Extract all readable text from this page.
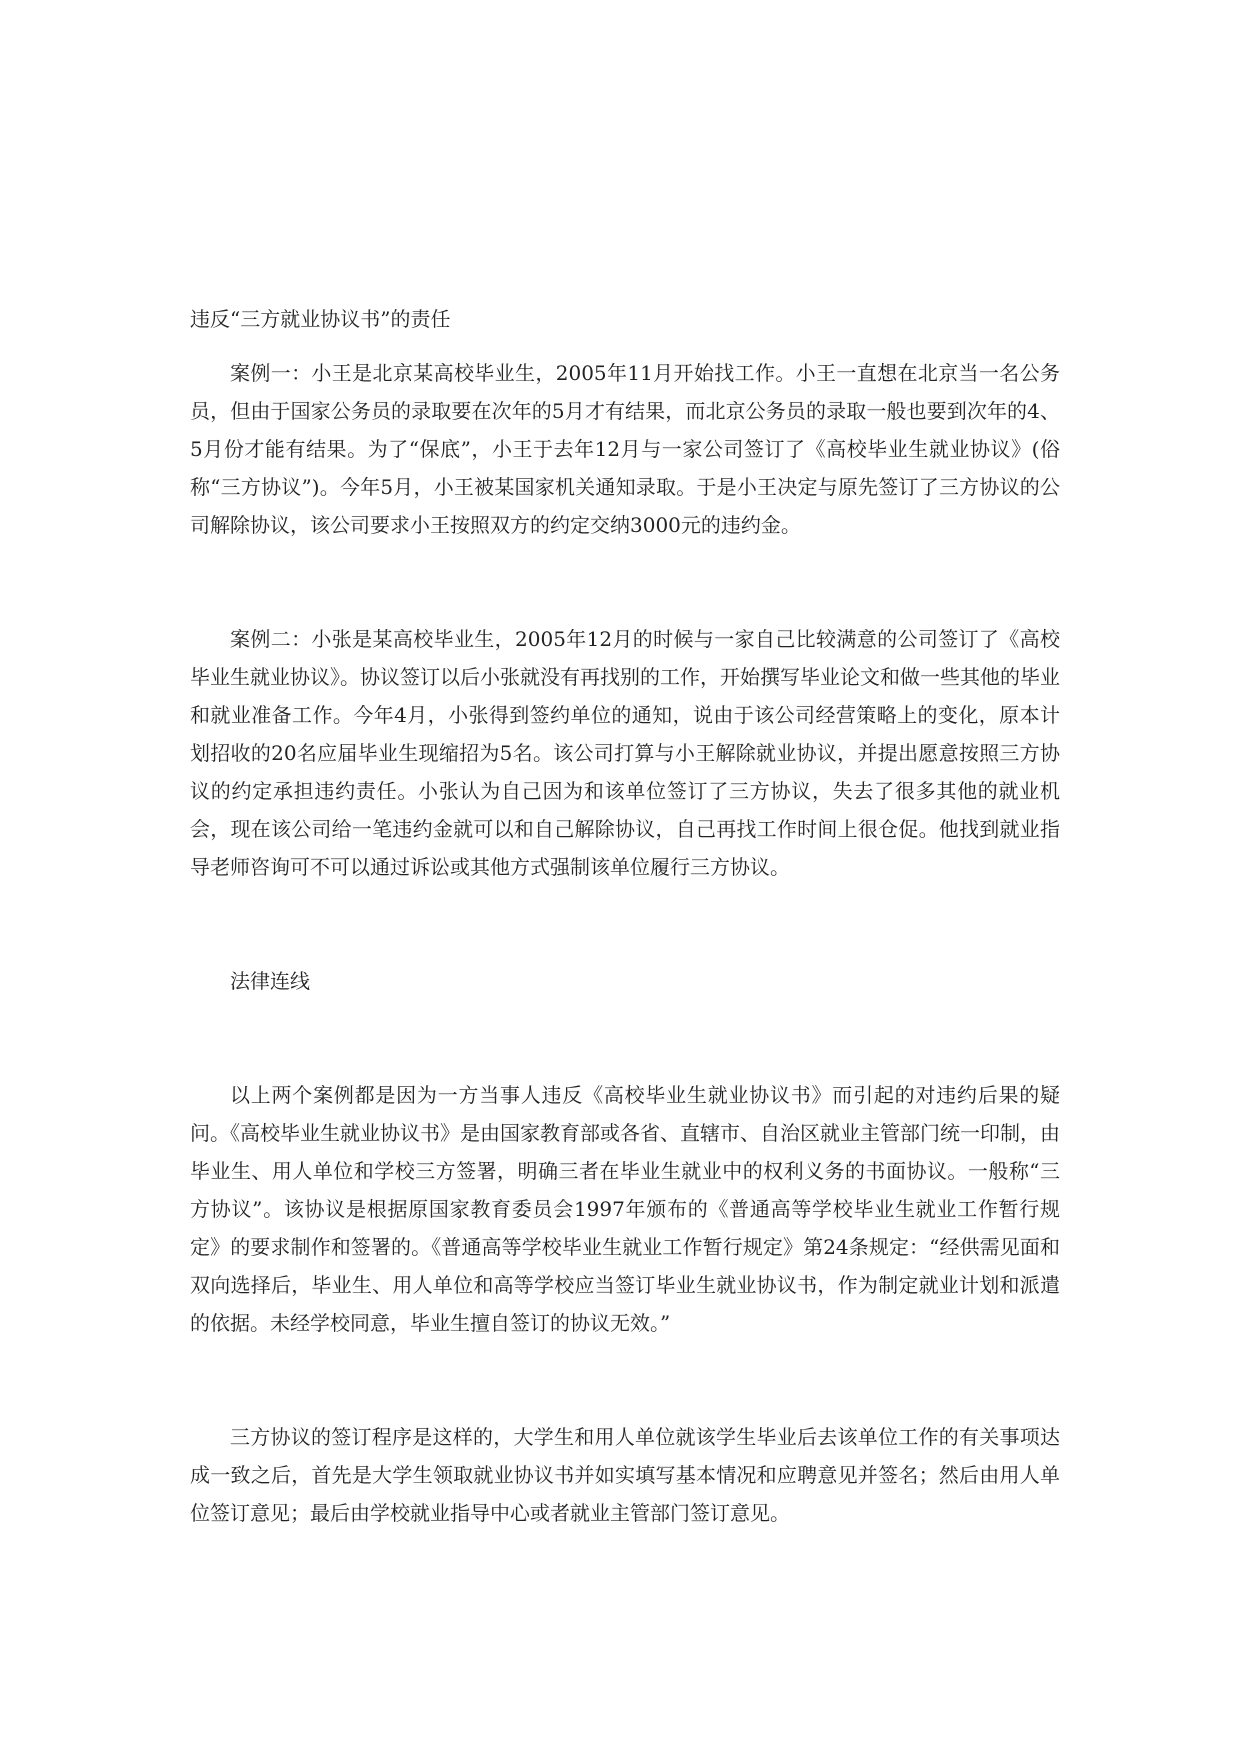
违反“三方就业协议书”的责任

案例一：小王是北京某高校毕业生，2005年11月开始找工作。小王一直想在北京当一名公务员，但由于国家公务员的录取要在次年的5月才有结果，而北京公务员的录取一般也要到次年的4、5月份才能有结果。为了“保底”，小王于去年12月与一家公司签订了《高校毕业生就业协议》(俗称“三方协议”)。今年5月，小王被某国家机关通知录取。于是小王决定与原先签订了三方协议的公司解除协议，该公司要求小王按照双方的约定交纳3000元的违约金。

案例二：小张是某高校毕业生，2005年12月的时候与一家自己比较满意的公司签订了《高校毕业生就业协议》。协议签订以后小张就没有再找别的工作，开始撰写毕业论文和做一些其他的毕业和就业准备工作。今年4月，小张得到签约单位的通知，说由于该公司经营策略上的变化，原本计划招收的20名应届毕业生现缩招为5名。该公司打算与小王解除就业协议，并提出愿意按照三方协议的约定承担违约责任。小张认为自己因为和该单位签订了三方协议，失去了很多其他的就业机会，现在该公司给一笔违约金就可以和自己解除协议，自己再找工作时间上很仓促。他找到就业指导老师咨询可不可以通过诉讼或其他方式强制该单位履行三方协议。

法律连线

以上两个案例都是因为一方当事人违反《高校毕业生就业协议书》而引起的对违约后果的疑问。《高校毕业生就业协议书》是由国家教育部或各省、直辖市、自治区就业主管部门统一印制，由毕业生、用人单位和学校三方签署，明确三者在毕业生就业中的权利义务的书面协议。一般称“三方协议”。该协议是根据原国家教育委员会1997年颁布的《普通高等学校毕业生就业工作暂行规定》的要求制作和签署的。《普通高等学校毕业生就业工作暂行规定》第24条规定：“经供需见面和双向选择后，毕业生、用人单位和高等学校应当签订毕业生就业协议书，作为制定就业计划和派遣的依据。未经学校同意，毕业生擅自签订的协议无效。”

三方协议的签订程序是这样的，大学生和用人单位就该学生毕业后去该单位工作的有关事项达成一致之后，首先是大学生领取就业协议书并如实填写基本情况和应聘意见并签名；然后由用人单位签订意见；最后由学校就业指导中心或者就业主管部门签订意见。
